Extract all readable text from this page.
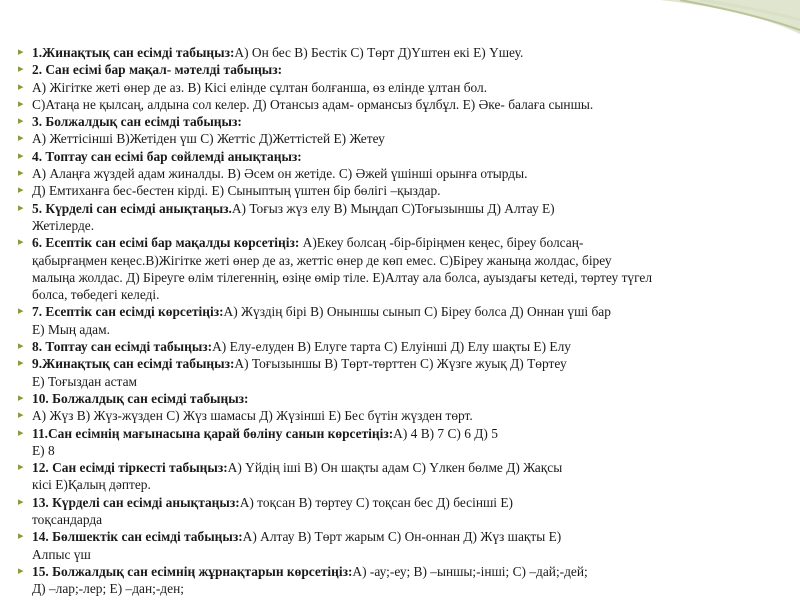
▸ 1.Жинақтық сан есімді табыңыз:А) Он бес В) Бестік С) Төрт Д)Үштен екі Е) Үшеу.
▸ 2. Сан есімі бар мақал- мәтелді табыңыз:
▸ А) Жігітке жеті өнер де аз. В) Кісі елінде сұлтан болғанша, өз елінде ұлтан бол.
▸ С)Атаңа не қылсаң, алдына сол келер. Д) Отансыз адам- ормансыз бұлбұл. Е) Әке- балаға сыншы.
▸ 3. Болжалдық сан есімді табыңыз:
▸ А) Жеттісінші В)Жетіден үш С) Жеттіс Д)Жеттістей Е) Жетеу
▸ 4. Топтау сан есімі бар сөйлемді анықтаңыз:
▸ А) Алаңға жүздей адам жиналды. В) Әсем он жетіде. С) Әжей үшінші орынға отырды.
▸ Д) Емтиханға бес-бестен кірді. Е) Сыныптың үштен бір бөлігі –қыздар.
▸ 5. Күрделі сан есімді анықтаңыз.А) Тоғыз жүз елу В) Мыңдап С)Тоғызыншы Д) Алтау Е)
Жетілерде.
▸ 6. Есептік сан есімі бар мақалды көрсетіңіз: А)Екеу болсаң -бір-біріңмен кеңес, біреу болсаң-
қабырғаңмен кеңес.В)Жігітке жеті өнер де аз, жеттіс өнер де көп емес. С)Біреу жаныңа жолдас, біреу
малыңа жолдас. Д) Біреуге өлім тілегеннің, өзіңе өмір тіле. Е)Алтау ала болса, ауыздағы кетеді, төртеу түгел
болса, төбедегі келеді.
▸ 7. Есептік сан есімді көрсетіңіз:А) Жүздің бірі В) Оныншы сынып С) Біреу болса Д) Оннан үші бар
Е) Мың адам.
▸ 8. Топтау сан есімді табыңыз:А) Елу-елуден В) Елуге тарта С) Елуінші Д) Елу шақты Е) Елу
▸ 9.Жинақтық сан есімді табыңыз:А) Тоғызыншы В) Төрт-төрттен С) Жүзге жуық Д) Төртеу
Е) Тоғыздан астам
▸ 10. Болжалдық сан есімді табыңыз:
▸ А) Жүз В) Жүз-жүзден С) Жүз шамасы Д) Жүзінші Е) Бес бүтін жүзден төрт.
▸ 11.Сан есімнің мағынасына қарай бөліну санын көрсетіңіз:А) 4 В) 7 С) 6 Д) 5
Е) 8
▸ 12. Сан есімді тіркесті табыңыз:А) Үйдің іші В) Он шақты адам С) Үлкен бөлме Д) Жақсы
кісі Е)Қалың дәптер.
▸ 13. Күрделі сан есімді анықтаңыз:А) тоқсан В) төртеу С) тоқсан бес Д) бесінші Е)
тоқсандарда
▸ 14. Бөлшектік сан есімді табыңыз:А) Алтау В) Төрт жарым С) Он-оннан Д) Жүз шақты Е)
Алпыс үш
▸ 15. Болжалдық сан есімнің жұрнақтарын көрсетіңіз:А) -ау;-еу; В) –ыншы;-інші; С) –дай;-дей;
Д) –лар;-лер; Е) –дан;-ден;
